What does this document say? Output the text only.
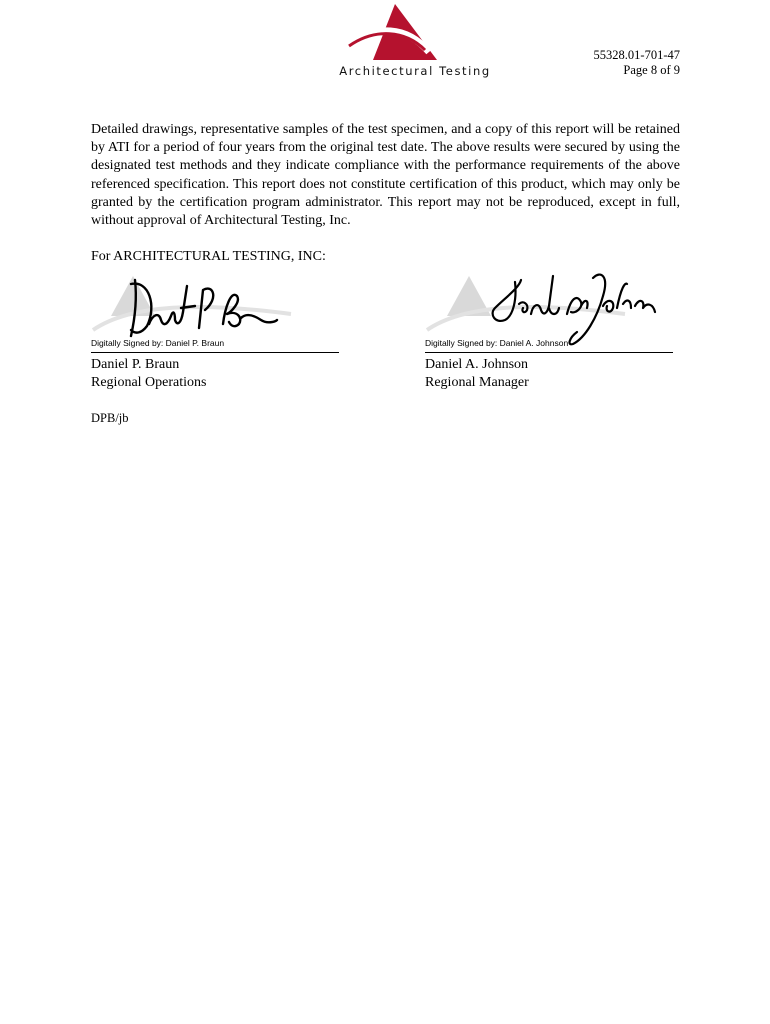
Architectural Testing
55328.01-701-47
Page 8 of 9

Detailed drawings, representative samples of the test specimen, and a copy of this report will be retained by ATI for a period of four years from the original test date. The above results were secured by using the designated test methods and they indicate compliance with the performance requirements of the above referenced specification. This report does not constitute certification of this product, which may only be granted by the certification program administrator. This report may not be reproduced, except in full, without approval of Architectural Testing, Inc.

For ARCHITECTURAL TESTING, INC:
Digitally Signed by: Daniel P. Braun
Daniel P. Braun
Regional Operations
Digitally Signed by: Daniel A. Johnson
Daniel A. Johnson
Regional Manager
DPB/jb
